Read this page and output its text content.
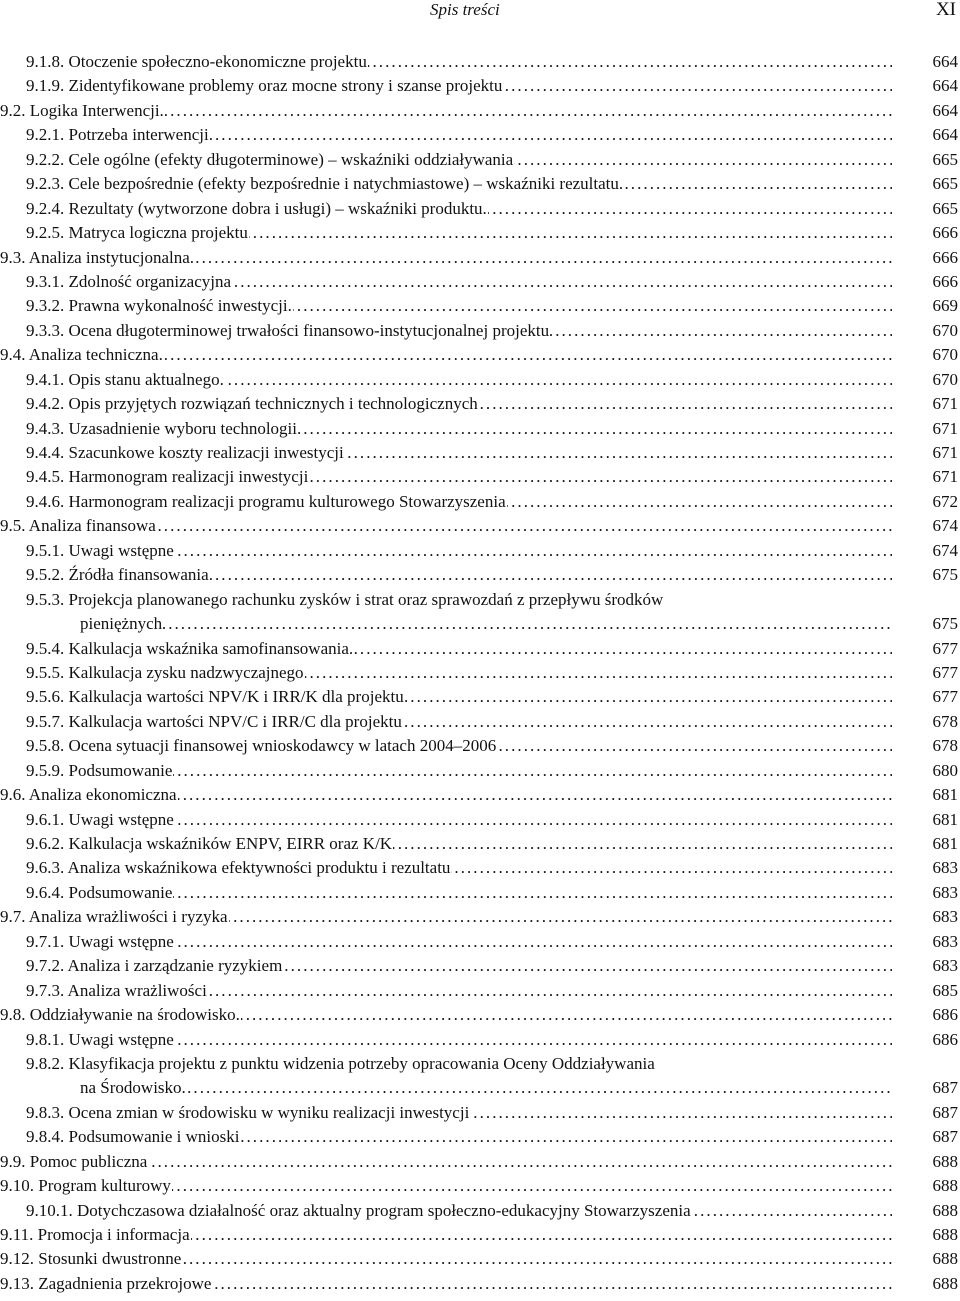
Spis treści	XI
9.1.8. Otoczenie społeczno-ekonomiczne projektu . . .	664
9.1.9. Zidentyfikowane problemy oraz mocne strony i szanse projektu . . .	664
9.2. Logika Interwencji. . . .	664
9.2.1. Potrzeba interwencji . . .	664
9.2.2. Cele ogólne (efekty długoterminowe) – wskaźniki oddziaływania . . .	665
9.2.3. Cele bezpośrednie (efekty bezpośrednie i natychmiastowe) – wskaźniki rezultatu. . . .	665
9.2.4. Rezultaty (wytworzone dobra i usługi) – wskaźniki produktu. . . .	665
9.2.5. Matryca logiczna projektu . . .	666
9.3. Analiza instytucjonalna. . . .	666
9.3.1. Zdolność organizacyjna . . .	666
9.3.2. Prawna wykonalność inwestycji. . . .	669
9.3.3. Ocena długoterminowej trwałości finansowo-instytucjonalnej projektu . . .	670
9.4. Analiza techniczna. . . .	670
9.4.1. Opis stanu aktualnego. . . .	670
9.4.2. Opis przyjętych rozwiązań technicznych i technologicznych . . .	671
9.4.3. Uzasadnienie wyboru technologii. . . .	671
9.4.4. Szacunkowe koszty realizacji inwestycji . . .	671
9.4.5. Harmonogram realizacji inwestycji . . .	671
9.4.6. Harmonogram realizacji programu kulturowego Stowarzyszenia . . .	672
9.5. Analiza finansowa . . .	674
9.5.1. Uwagi wstępne . . .	674
9.5.2. Źródła finansowania . . .	675
9.5.3. Projekcja planowanego rachunku zysków i strat oraz sprawozdań z przepływu środków
pieniężnych . . .	675
9.5.4. Kalkulacja wskaźnika samofinansowania. . . .	677
9.5.5. Kalkulacja zysku nadzwyczajnego . . .	677
9.5.6. Kalkulacja wartości NPV/K i IRR/K dla projektu . . .	677
9.5.7. Kalkulacja wartości NPV/C i IRR/C dla projektu . . .	678
9.5.8. Ocena sytuacji finansowej wnioskodawcy w latach 2004–2006 . . .	678
9.5.9. Podsumowanie . . .	680
9.6. Analiza ekonomiczna . . .	681
9.6.1. Uwagi wstępne . . .	681
9.6.2. Kalkulacja wskaźników ENPV, EIRR oraz K/K . . .	681
9.6.3. Analiza wskaźnikowa efektywności produktu i rezultatu . . .	683
9.6.4. Podsumowanie . . .	683
9.7. Analiza wrażliwości i ryzyka . . .	683
9.7.1. Uwagi wstępne . . .	683
9.7.2. Analiza i zarządzanie ryzykiem . . .	683
9.7.3. Analiza wrażliwości . . .	685
9.8. Oddziaływanie na środowisko. . . .	686
9.8.1. Uwagi wstępne . . .	686
9.8.2. Klasyfikacja projektu z punktu widzenia potrzeby opracowania Oceny Oddziaływania
na Środowisko. . . .	687
9.8.3. Ocena zmian w środowisku w wyniku realizacji inwestycji . . .	687
9.8.4. Podsumowanie i wnioski . . .	687
9.9. Pomoc publiczna . . .	688
9.10. Program kulturowy . . .	688
9.10.1. Dotychczasowa działalność oraz aktualny program społeczno-edukacyjny Stowarzyszenia . . .	688
9.11. Promocja i informacja . . .	688
9.12. Stosunki dwustronne . . .	688
9.13. Zagadnienia przekrojowe . . .	688
